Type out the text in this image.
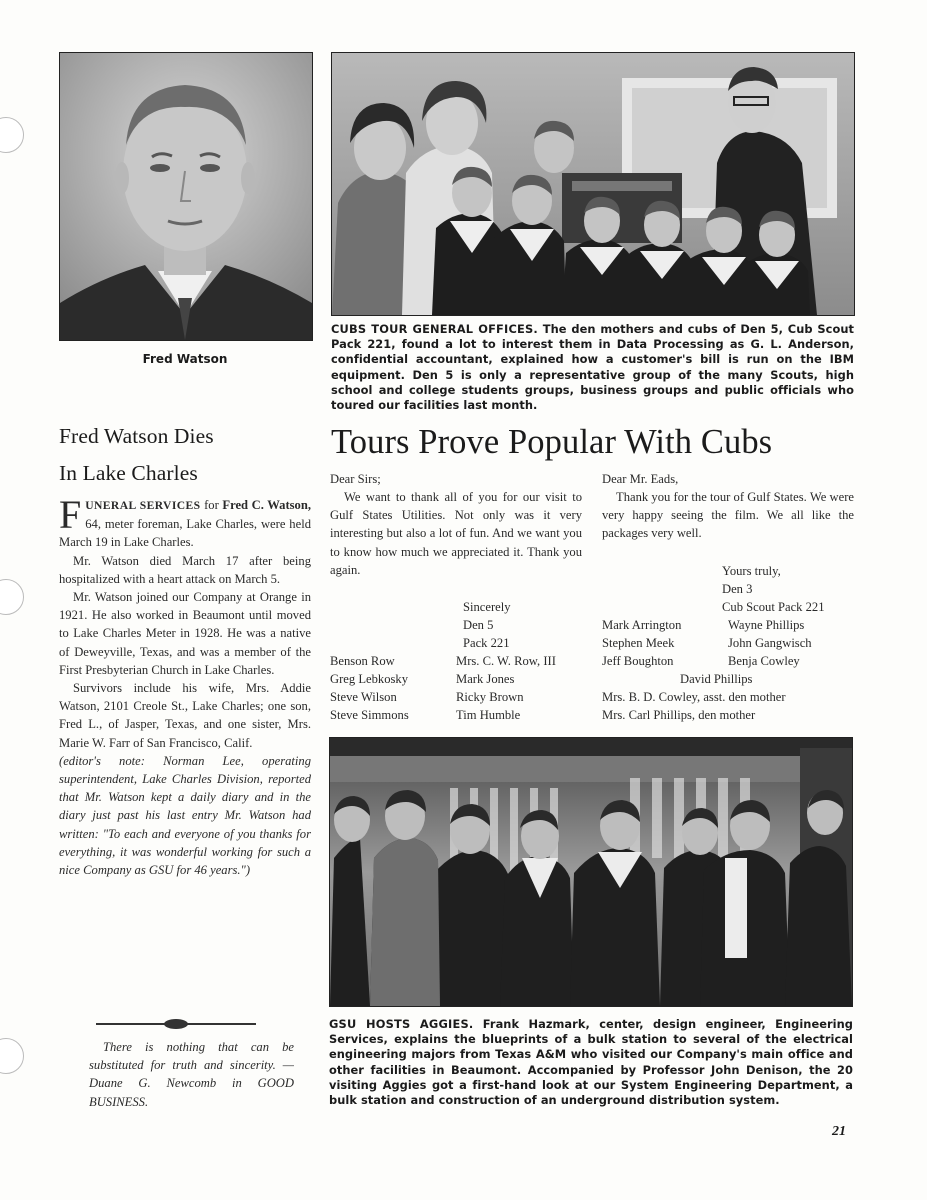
Fred Watson
CUBS TOUR GENERAL OFFICES. The den mothers and cubs of Den 5, Cub Scout Pack 221, found a lot to interest them in Data Processing as G. L. Anderson, confidential accountant, explained how a customer's bill is run on the IBM equipment. Den 5 is only a representative group of the many Scouts, high school and college students groups, business groups and public officials who toured our facilities last month.
Fred Watson Dies
In Lake Charles

FUNERAL SERVICES for Fred C. Watson, 64, meter foreman, Lake Charles, were held March 19 in Lake Charles.

Mr. Watson died March 17 after being hospitalized with a heart attack on March 5.

Mr. Watson joined our Company at Orange in 1921. He also worked in Beaumont until moved to Lake Charles Meter in 1928. He was a native of Deweyville, Texas, and was a member of the First Presbyterian Church in Lake Charles.

Survivors include his wife, Mrs. Addie Watson, 2101 Creole St., Lake Charles; one son, Fred L., of Jasper, Texas, and one sister, Mrs. Marie W. Farr of San Francisco, Calif.

(editor's note: Norman Lee, operating superintendent, Lake Charles Division, reported that Mr. Watson kept a daily diary and in the diary just past his last entry Mr. Watson had written: "To each and everyone of you thanks for everything, it was wonderful working for such a nice Company as GSU for 46 years.")

There is nothing that can be substituted for truth and sincerity. —Duane G. Newcomb in GOOD BUSINESS.
Tours Prove Popular With Cubs
Dear Sirs;

We want to thank all of you for our visit to Gulf States Utilities. Not only was it very interesting but also a lot of fun. And we want you to know how much we appreciated it. Thank you again.

Sincerely
Den 5
Pack 221
Benson Row
Greg Lebkosky
Steve Wilson
Steve Simmons
Mrs. C. W. Row, III
Mark Jones
Ricky Brown
Tim Humble
Dear Mr. Eads,

Thank you for the tour of Gulf States. We were very happy seeing the film. We all like the packages very well.

Yours truly,
Den 3
Cub Scout Pack 221
Mark Arrington
Stephen Meek
Jeff Boughton
Wayne Phillips
John Gangwisch
Benja Cowley
David Phillips
Mrs. B. D. Cowley, asst. den mother
Mrs. Carl Phillips, den mother
GSU HOSTS AGGIES. Frank Hazmark, center, design engineer, Engineering Services, explains the blueprints of a bulk station to several of the electrical engineering majors from Texas A&M who visited our Company's main office and other facilities in Beaumont. Accompanied by Professor John Denison, the 20 visiting Aggies got a first-hand look at our System Engineering Department, a bulk station and construction of an underground distribution system.
21
